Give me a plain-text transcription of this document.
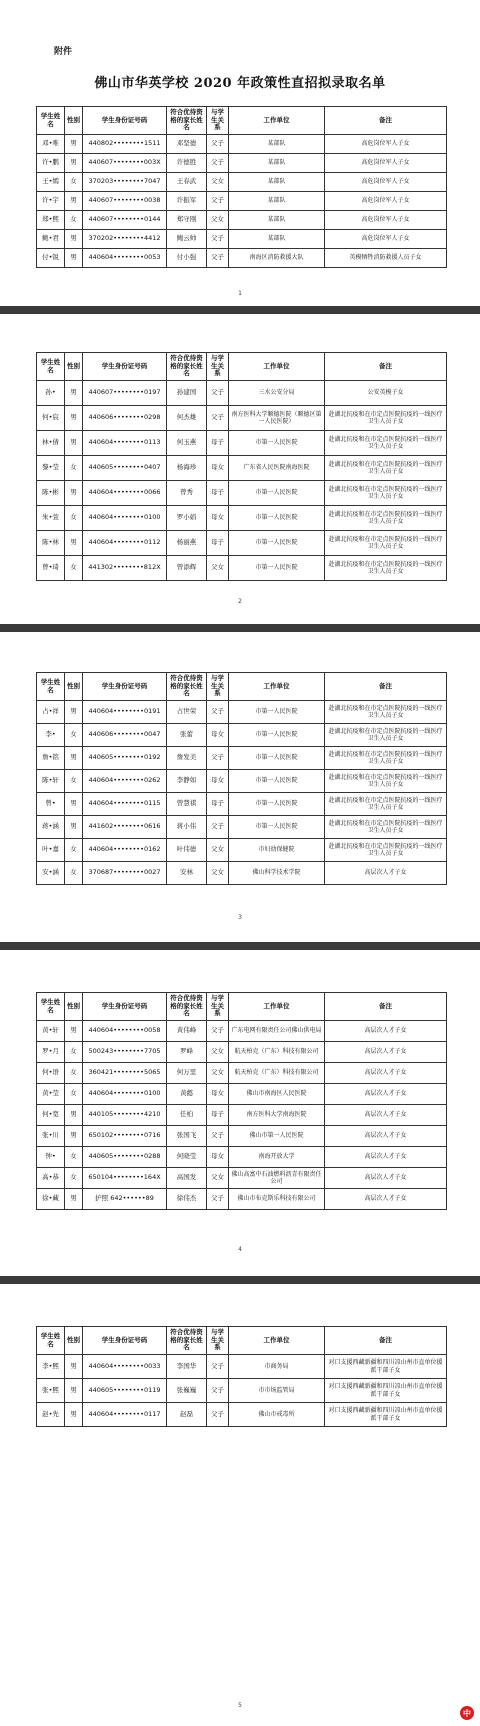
附件
佛山市华英学校 2020 年政策性直招拟录取名单
学生姓名	性别	学生身份证号码	符合优待资格的家长姓名	与学生关系	工作单位	备注
邓•唯	男	440802••••••••1511	邓坚德	父子	某部队	高危岗位军人子女
许•鹏	男	440607••••••••003X	许德胜	父子	某部队	高危岗位军人子女
王•嫣	女	370203••••••••7047	王春武	父女	某部队	高危岗位军人子女
许•宇	男	440607••••••••0038	许振军	父子	某部队	高危岗位军人子女
郑•熙	女	440607••••••••0144	郑守刚	父女	某部队	高危岗位军人子女
鲍•君	男	370202••••••••4412	鲍云帅	父子	某部队	高危岗位军人子女
付•锐	男	440604••••••••0053	付小强	父子	南海区消防救援大队	英模牺牲消防救援人员子女
1
学生姓名	性别	学生身份证号码	符合优待资格的家长姓名	与学生关系	工作单位	备注
孙•	男	440607••••••••0197	孙建国	父子	三水公安分局	公安英模子女
何•宸	男	440606••••••••0298	何杰雄	父子	南方医科大学顺德医院（顺德区第一人民医院）	赴湖北抗疫和在市定点医院抗疫的一线医疗卫生人员子女
林•倩	男	440604••••••••0113	何玉燕	母子	市第一人民医院	赴湖北抗疫和在市定点医院抗疫的一线医疗卫生人员子女
黎•莹	女	440605••••••••0407	杨海珍	母女	广东省人民医院南海医院	赴湖北抗疫和在市定点医院抗疫的一线医疗卫生人员子女
陈•彬	男	440604••••••••0066	曾秀	母子	市第一人民医院	赴湖北抗疫和在市定点医院抗疫的一线医疗卫生人员子女
朱•萱	女	440604••••••••0100	罗小娟	母女	市第一人民医院	赴湖北抗疫和在市定点医院抗疫的一线医疗卫生人员子女
陈•林	男	440604••••••••0112	杨丽燕	母子	市第一人民医院	赴湖北抗疫和在市定点医院抗疫的一线医疗卫生人员子女
曾•琦	女	441302••••••••812X	曾添辉	父女	市第一人民医院	赴湖北抗疫和在市定点医院抗疫的一线医疗卫生人员子女
2
学生姓名	性别	学生身份证号码	符合优待资格的家长姓名	与学生关系	工作单位	备注
占•祥	男	440604••••••••0191	占世荣	父子	市第一人民医院	赴湖北抗疫和在市定点医院抗疫的一线医疗卫生人员子女
李•	女	440606••••••••0047	张蕾	母女	市第一人民医院	赴湖北抗疫和在市定点医院抗疫的一线医疗卫生人员子女
詹•铭	男	440605••••••••0192	詹发美	父子	市第一人民医院	赴湖北抗疫和在市定点医院抗疫的一线医疗卫生人员子女
陈•轩	女	440604••••••••0262	李静如	母女	市第一人民医院	赴湖北抗疫和在市定点医院抗疫的一线医疗卫生人员子女
曾•	男	440604••••••••0115	曾慧祺	母子	市第一人民医院	赴湖北抗疫和在市定点医院抗疫的一线医疗卫生人员子女
蒋•涵	男	441602••••••••0616	蒋小伟	父子	市第一人民医院	赴湖北抗疫和在市定点医院抗疫的一线医疗卫生人员子女
叶•嘉	女	440604••••••••0162	叶伟德	父女	市妇幼保健院	赴湖北抗疫和在市定点医院抗疫的一线医疗卫生人员子女
安•涵	女	370687••••••••0027	安林	父女	佛山科学技术学院	高层次人才子女
3
学生姓名	性别	学生身份证号码	符合优待资格的家长姓名	与学生关系	工作单位	备注
黄•轩	男	440604••••••••0058	黄伟峰	父子	广东电网有限责任公司佛山供电局	高层次人才子女
罗•月	女	500243••••••••7705	罗峰	父女	航天柏克（广东）科技有限公司	高层次人才子女
何•语	女	360421••••••••5065	何万里	父女	航天柏克（广东）科技有限公司	高层次人才子女
黄•莹	女	440604••••••••0100	黄懿	母女	佛山市南海区人民医院	高层次人才子女
何•宽	男	440105••••••••4210	任柏	母子	南方医科大学南海医院	高层次人才子女
张•川	男	650102••••••••0716	张国飞	父子	佛山市第一人民医院	高层次人才子女
钟•	女	440605••••••••0288	何晓莹	母女	南海开放大学	高层次人才子女
高•恭	女	650104••••••••164X	高国发	父女	佛山高富中石油燃料沥青有限责任公司	高层次人才子女
徐•藏	男	护照 642••••••89	徐伟杰	父子	佛山市布克斯乐科技有限公司	高层次人才子女
4
学生姓名	性别	学生身份证号码	符合优待资格的家长姓名	与学生关系	工作单位	备注
李•熙	男	440604••••••••0033	李国华	父子	市商务局	对口支援西藏新疆和四川凉山州市直单位援派干部子女
张•熙	男	440605••••••••0119	张巍巍	父子	市市场监管局	对口支援西藏新疆和四川凉山州市直单位援派干部子女
赵•先	男	440604••••••••0117	赵磊	父子	佛山市戒毒所	对口支援西藏新疆和四川凉山州市直单位援派干部子女
5
中
